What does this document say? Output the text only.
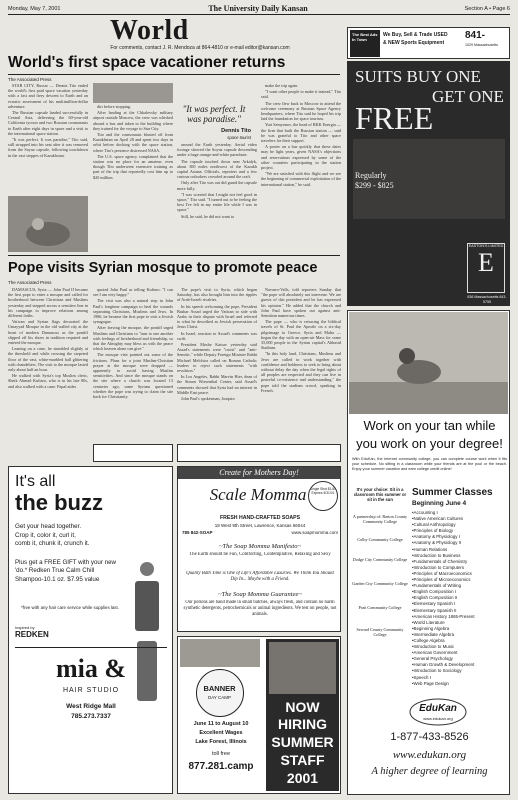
Monday, May 7, 2001	The University Daily Kansan	Section A • Page 6
World
For comments, contact J. R. Mendoza at 864-4810 or e-mail editor@kansan.com
World's first space vacationer returns
The Associated Press

STAR CITY, Russia — Dennis Tito ended the world's first paid space vacation yesterday with a fast and fiery descent to Earth and an ecstatic assessment of his multimillion-dollar adventure.

The Russian capsule landed successfully in Central Asia, delivering the 60-year-old California tycoon and two Russian cosmonauts to Earth after eight days in space and a visit to the international space station.

"It was perfect. It was paradise," Tito said, still strapped into his seat after it was removed from the Soyuz capsule, following touchdown in the vast steppes of Kazakhstan.

dirt before stopping.

After landing at the Chkalovsky military airport outside Moscow, the crew was whisked aboard a bus and taken to the building where they trained for the voyage to Star City.

Tito and the cosmonauts blasted off from Kazakhstan on April 28 and spent two days in orbit before docking with the space station, where Tito's presence distressed NASA.

The U.S. space agency complained that the station was no place for an amateur, even though Tito underwent extensive training as part of the trip that reportedly cost him up to $20 million.

"It was perfect. It was paradise."
Dennis Tito
space tourist

around the Earth yesterday. Aerial video footage showed the Soyuz capsule descending under a huge orange-and-white parachute.

The capsule touched down near Arkalyk, about 300 miles northwest of the Kazakh capital Astana. Officials, reporters and a few curious onlookers crowded around the craft.

Only after Tito was out did guard the capsule more fully.

"I was worried that I might not feel good in space," Tito said. "I turned out to be feeling the best I've felt in my entire life while I was in space."

Still, he said, he did not want to

make the trip again.

"I want other people to make it instead," Tito said.

The crew flew back to Moscow to attend the welcome ceremony at Russian Space Agency headquarters, where Tito said he hoped his trip laid the foundation for space tourism.

Yuri Semyonov, the head of RKK Energia — the firm that built the Russian station — said he was grateful to Tito and other space travelers for their support.

A poster on a bus quickly that these dates may be light years, given NASA's objections and reservations expressed by some of the other countries participating in the station project.

"We are satisfied with this flight and we see the beginning of commercial exploitation of the international station," he said.

Pope visits Syrian mosque to promote peace
The Associated Press

DAMASCUS, Syria — John Paul II became the first pope to enter a mosque and called for brotherhood between Christians and Muslims yesterday and stepped across a sensitive line in his campaign to improve relations among different faiths.

Vatican and Syrian flags decorated the Umayyad Mosque in the old walled city at the heart of modern Damascus as the pontiff slipped off his shoes in tradition required and entered the mosque.

Leaning on a cane, he stumbled slightly at the threshold and while crossing the carpeted floor of the vast, white-marbled hall glittering with chandeliers. The visit to the mosque lasted only about half an hour.

He walked with Syria's top Muslim cleric, Sheik Ahmad Kuftaro, who is in his late 80s, and also walked with a cane. Papal aides

quoted John Paul as telling Kuftaro: "I can see I am very happy."

The visit was also a natural step in John Paul's longtime campaign to heal the wounds separating Christians, Muslims and Jews. In 1986, he became the first pope to visit a Jewish synagogue.

After leaving the mosque, the pontiff urged Muslims and Christians to "turn to one another with feelings of brotherhood and friendship, so that the Almighty may bless us with the peace which heaven alone can give."

The mosque visit pointed out some of the frictions. Plans for a joint Muslim-Christian prayer at the mosque were dropped — apparently to avoid having Muslim sensitivities. And since the mosque stands on the site where a church was located 13 centuries ago, some Syrians questioned whether the pope was trying to claim the site back for Christianity.

The pope's visit to Syria, which began Saturday, has also brought him into the ripples of Arab-Israeli rivalries.

In his speech welcoming the pope, President Bashar Assad urged the Vatican to side with Arabs in their dispute with Israel and referred to what he described as Jewish persecution of Jesus Christ.

In Israel, reaction to Assad's comments was swift.

President Moshe Katsav yesterday said Assad's statements were "racist" and "anti-Semitic," while Deputy Foreign Minister Rabbi Michael Melchior called on Roman Catholic leaders to reject such statements "with revulsion."

In Los Angeles, Rabbi Marvin Hier, dean of the Simon Wiesenthal Center, said Assad's comments showed that Syria had no interest in Middle East peace.

John Paul's spokesman, Joaquin

Navarro-Valls, told reporters Sunday that "the pope will absolutely not intervene. We are guests of this president and he has expressed his opinion." He added that the church and John Paul have spoken out against anti-Semitism numerous times.

The pope — who is retracing the biblical travels of St. Paul the Apostle on a six-day pilgrimage to Greece, Syria and Malta — began the day with an open-air Mass for some 35,000 people in the Syrian capital's Abbasid Stadium.

"In this holy land, Christians, Muslims and Jews are called to work together with confidence and boldness to seek to bring about without delay the day when the legal rights of all peoples are respected and they can live in peaceful co-existence and understanding," the pope told the stadium crowd, speaking in French.

The Best Ads In Town
We Buy, Sell & Trade USED
& NEW Sports Equipment
841-
1029 Massachusetts
SUITS BUY ONE
GET ONE
FREE
Regularly
$299 - $825
EASTON'S LIMITED
E
836 Massachusetts 843-5755
Work on your tan while you work on your degree!
With EduKan, the Internet community college, you can complete course work when it fits your schedule. No sitting in a classroom while your friends are at the pool or the beach. Enjoy your summer vacation and earn college credit online!
It's your choice: Sit in a classroom this summer or sit in the sun
A partnership of: Barton County Community College
Colby Community College
Dodge City Community College
Garden City Community College
Pratt Community College
Seward County Community College
Summer Classes
Beginning June 4
• Accounting I
• Native American Cultures
• Cultural Anthropology
• Principles of Biology
• Anatomy & Physiology I
• Anatomy & Physiology II
• Human Relations
• Introduction to Business
• Fundamentals of Chemistry
• Introduction to Computers
• Principles of Macroeconomics
• Principles of Microeconomics
• Fundamentals of Writing
• English Composition I
• English Composition II
• Elementary Spanish I
• Elementary Spanish II
• American History 1865-Present
• World Literature
• Beginning Algebra
• Intermediate Algebra
• College Algebra
• Introduction to Music
• American Government
• General Psychology
• Human Growth & Development
• Introduction to Sociology
• Speech I
• Web Page Design
EduKan
www.edukan.org
1-877-433-8526
www.edukan.org
A higher degree of learning
It's all
the buzz
Get your head together.
Crop it, color it, curl it,
comb it, chunk it, crunch it.
Plus get a FREE GIFT with your new 'do.* Redken True Calm Chill Shampoo-10.1 oz. $7.95 value
*free with any hair care service while supplies last.
Inspired by
REDKEN
mia &
HAIR STUDIO
West Ridge Mall
785.273.7337
Create for Mothers Day!
Single Shot $1.60 Expires 5/31/01
Scale Momma
FRESH HAND-CRAFTED SOAPS
18 West 9th Street, Lawrence, Kansas 66044
785 842-SOAP	www.soapmomma.com
~The Soap Momma Manifesto~
The Earth should be Fun, Comforting, Contemplative, Relaxing and Sexy
Quality Bath Time is One of Life's Affordable Luxuries. We Think You Should Dip In... Maybe with a Friend.
~The Soap Momma Guarantee~
Our potions are hand made in small batches, always fresh, and contain no harsh synthetic detergents, petrochemicals or animal ingredients. We test on people, not animals.
BANNER
DAY CAMP
June 11 to August 10
Excellent Wages
Lake Forest, Illinois
toll free
877.281.camp
NOW
HIRING
SUMMER
STAFF
2001
